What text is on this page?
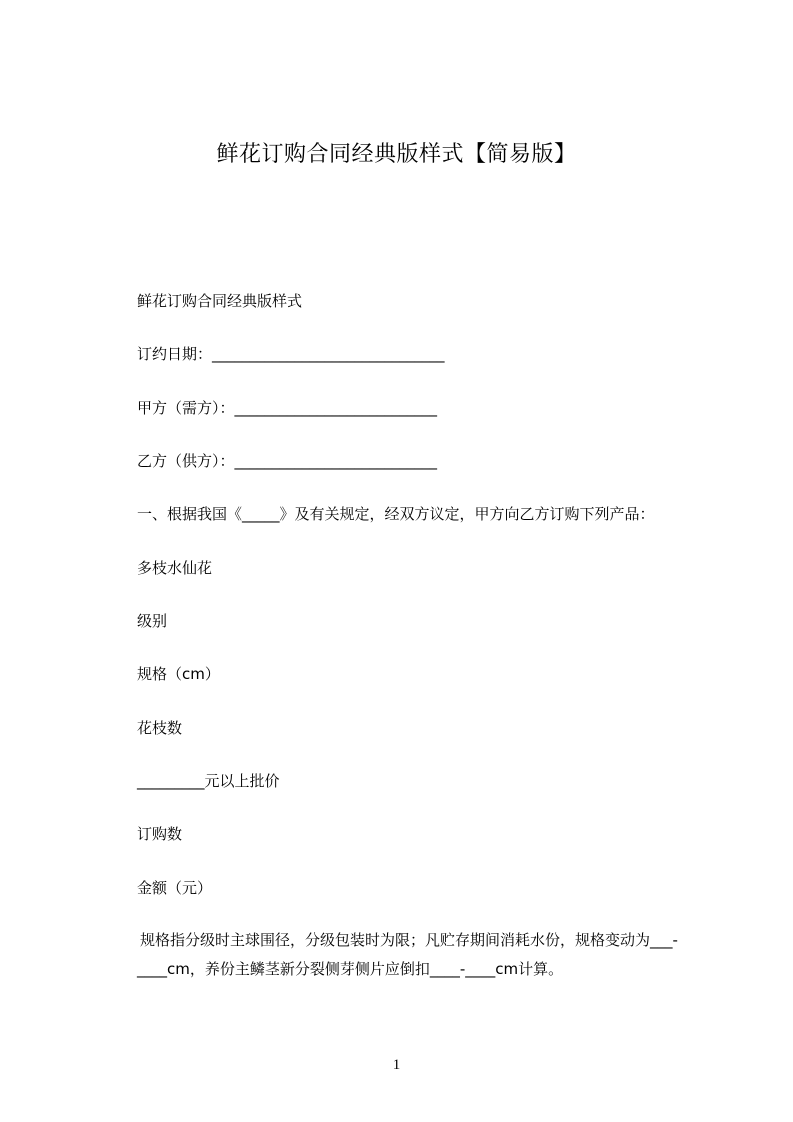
鲜花订购合同经典版样式【简易版】
鲜花订购合同经典版样式
订约日期：_______________________________
甲方（需方）：___________________________
乙方（供方）：___________________________
一、根据我国《_____》及有关规定，经双方议定，甲方向乙方订购下列产品：
多枝水仙花
级别
规格（cm）
花枝数
_________元以上批价
订购数
金额（元）
规格指分级时主球围径，分级包装时为限；凡贮存期间消耗水份，规格变动为___-____cm，养份主鳞茎新分裂侧芽侧片应倒扣____-____cm计算。
1
